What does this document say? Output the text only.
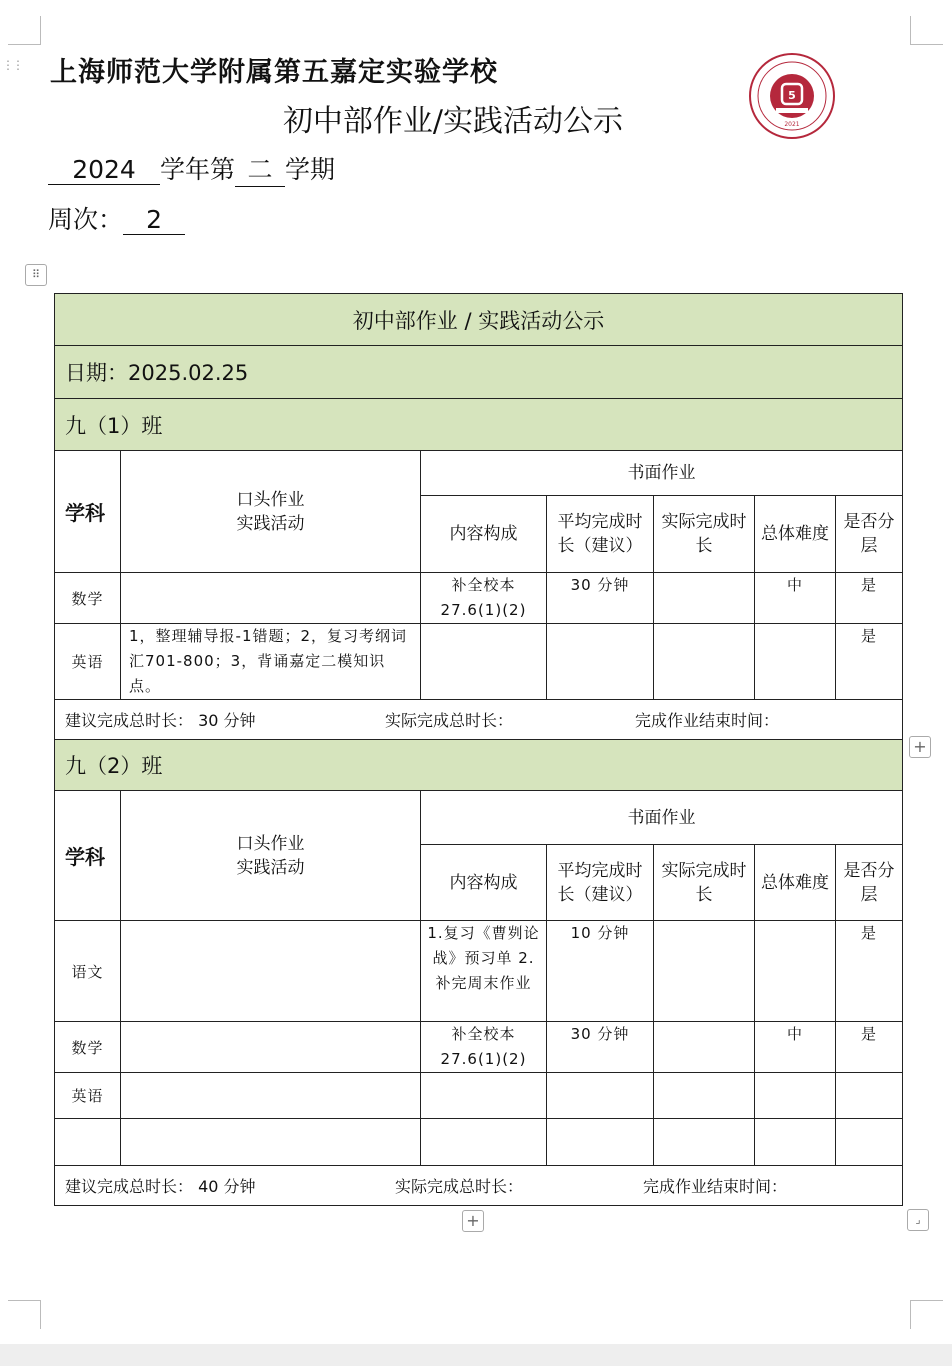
⋮⋮ 上海师范大学附属第五嘉定实验学校
初中部作业/实践活动公示
5
2021
2024 学年第 二 学期
周次： 2
⠿
初中部作业 / 实践活动公示						
日期：2025.02.25						
九（1）班						
学科	口头作业
实践活动	书面作业				
		内容构成	平均完成时长（建议）	实际完成时长	总体难度	是否分层
数学		补全校本27.6(1)(2)	30 分钟		中	是
英语	1，整理辅导报-1错题；2，复习考纲词汇701-800；3，背诵嘉定二模知识点。					是
建议完成总时长： 30 分钟 实际完成总时长： 完成作业结束时间：						
九（2）班						
学科	口头作业
实践活动	书面作业				
		内容构成	平均完成时长（建议）	实际完成时长	总体难度	是否分层
语文		1.复习《曹刿论战》预习单 2.补完周末作业	10 分钟			是
数学		补全校本27.6(1)(2)	30 分钟		中	是
英语						

建议完成总时长： 40 分钟 实际完成总时长： 完成作业结束时间：						
+
+	⌟
